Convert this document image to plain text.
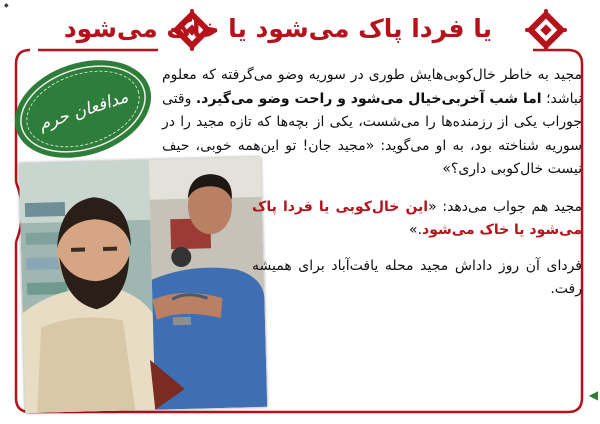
◆
یا فردا پاک می‌شود یا خاک می‌شود
مدافعان حرم

مجید به خاطر خال‌کوبی‌هایش طوری در سوریه وضو می‌گرفته که معلوم نباشد؛ اما شب آخربی‌خیال می‌شود و راحت وضو می‌گیرد. وقتی جوراب یکی از رزمنده‌ها را می‌شست، یکی از بچه‌ها که تازه مجید را در سوریه شناخته بود، به او می‌گوید: «مجید جان! تو این‌همه خوبی، حیف نیست خال‌کوبی داری؟»

مجید هم جواب می‌دهد: «این خال‌کوبی یا فردا پاک می‌شود یا خاک می‌شود.»

فردای آن روز داداش مجید محله یافت‌آباد برای همیشه رفت.

◀
